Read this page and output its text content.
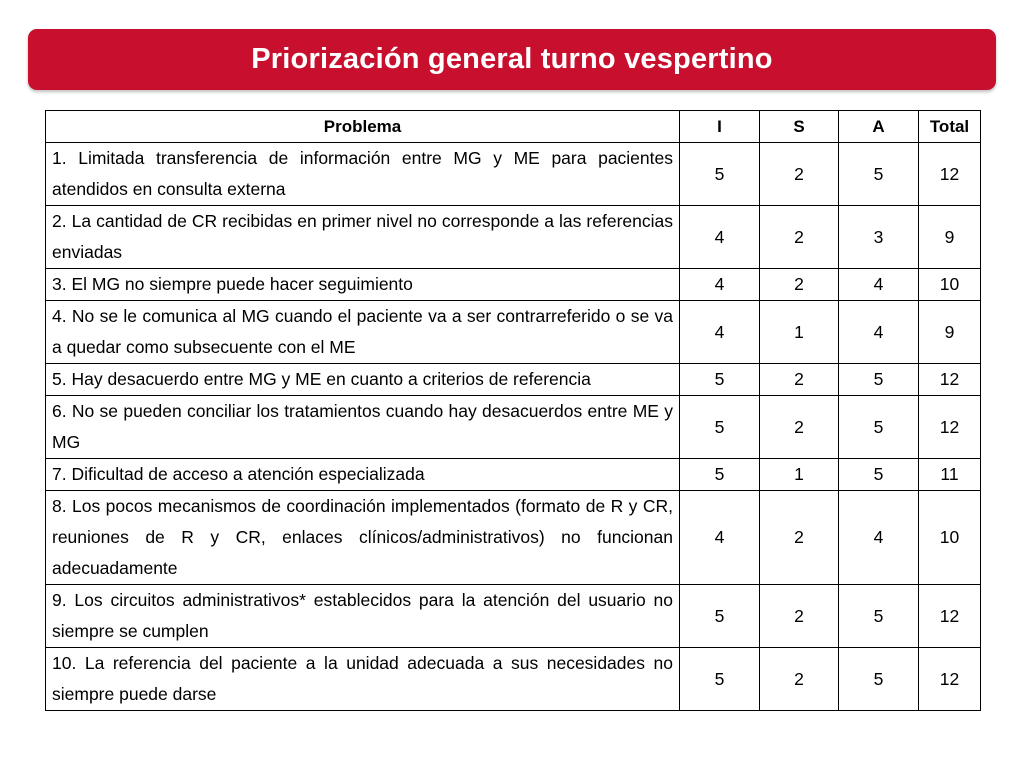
Priorización general turno vespertino
Problema	I	S	A	Total
1. Limitada transferencia de información entre MG y ME para pacientes atendidos en consulta externa	5	2	5	12
2. La cantidad de CR recibidas en primer nivel no corresponde a las referencias enviadas	4	2	3	9
3. El MG no siempre puede hacer seguimiento	4	2	4	10
4. No se le comunica al MG cuando el paciente va a ser contrarreferido o se va a quedar como subsecuente con el ME	4	1	4	9
5. Hay desacuerdo entre MG y ME en cuanto a criterios de referencia	5	2	5	12
6. No se pueden conciliar los tratamientos cuando hay desacuerdos entre ME y MG	5	2	5	12
7. Dificultad de acceso a atención especializada	5	1	5	11
8. Los pocos mecanismos de coordinación implementados (formato de R y CR, reuniones de R y CR, enlaces clínicos/administrativos) no funcionan adecuadamente	4	2	4	10
9. Los circuitos administrativos* establecidos para la atención del usuario no siempre se cumplen	5	2	5	12
10. La referencia del paciente a la unidad adecuada a sus necesidades no siempre puede darse	5	2	5	12
